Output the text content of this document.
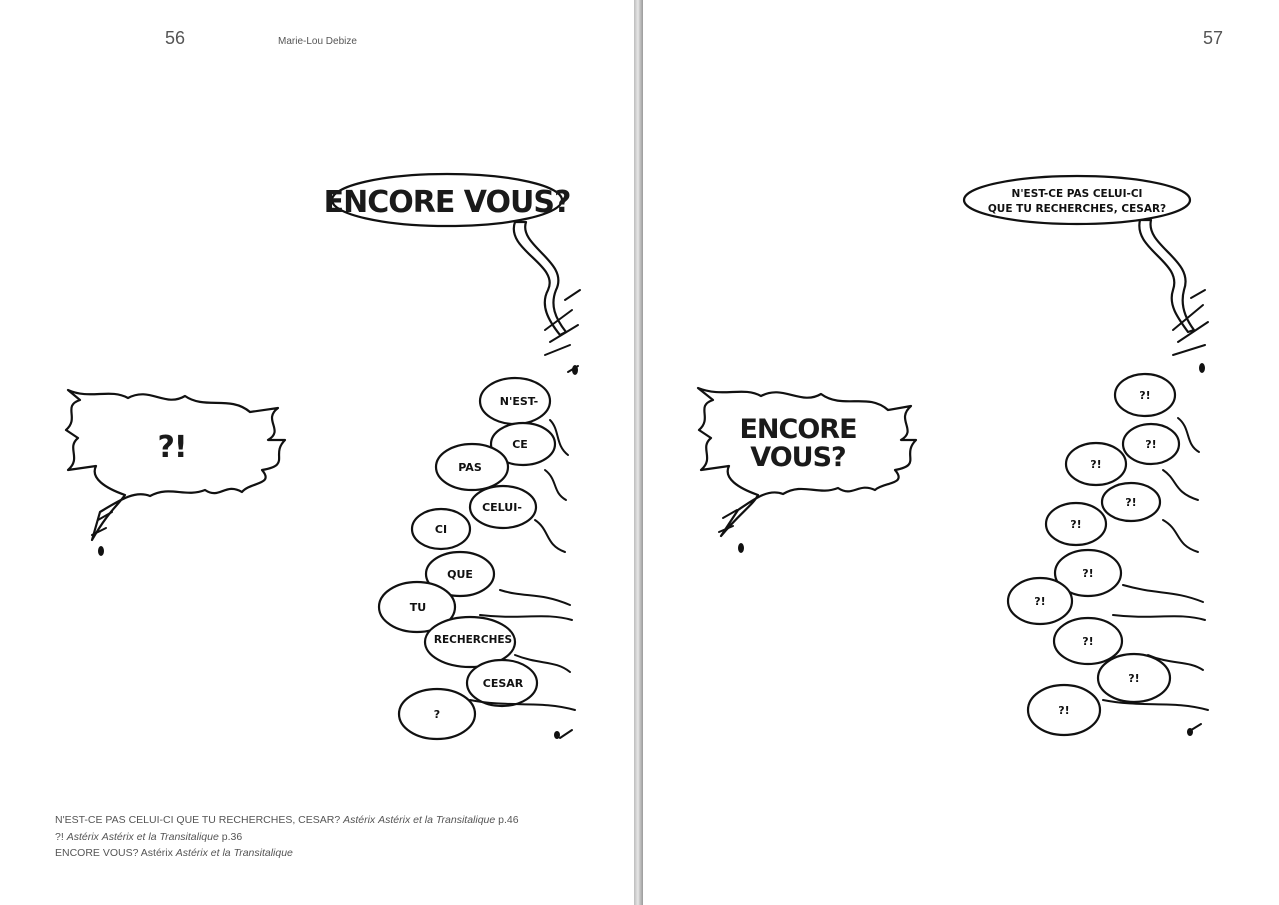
56	Marie-Lou Debize
ENCORE VOUS?
?!
N'EST-
CE
PAS
CELUI-
CI
QUE
TU
RECHERCHES
CESAR
?
N'EST-CE PAS CELUI-CI QUE TU RECHERCHES, CESAR? Astérix Astérix et la Transitalique p.46
?! Astérix Astérix et la Transitalique p.36
ENCORE VOUS? Astérix Astérix et la Transitalique
57
N'EST-CE PAS CELUI-CI
QUE TU RECHERCHES, CESAR?
ENCORE
VOUS?
?!
?!
?!
?!
?!
?!
?!
?!
?!
?!
